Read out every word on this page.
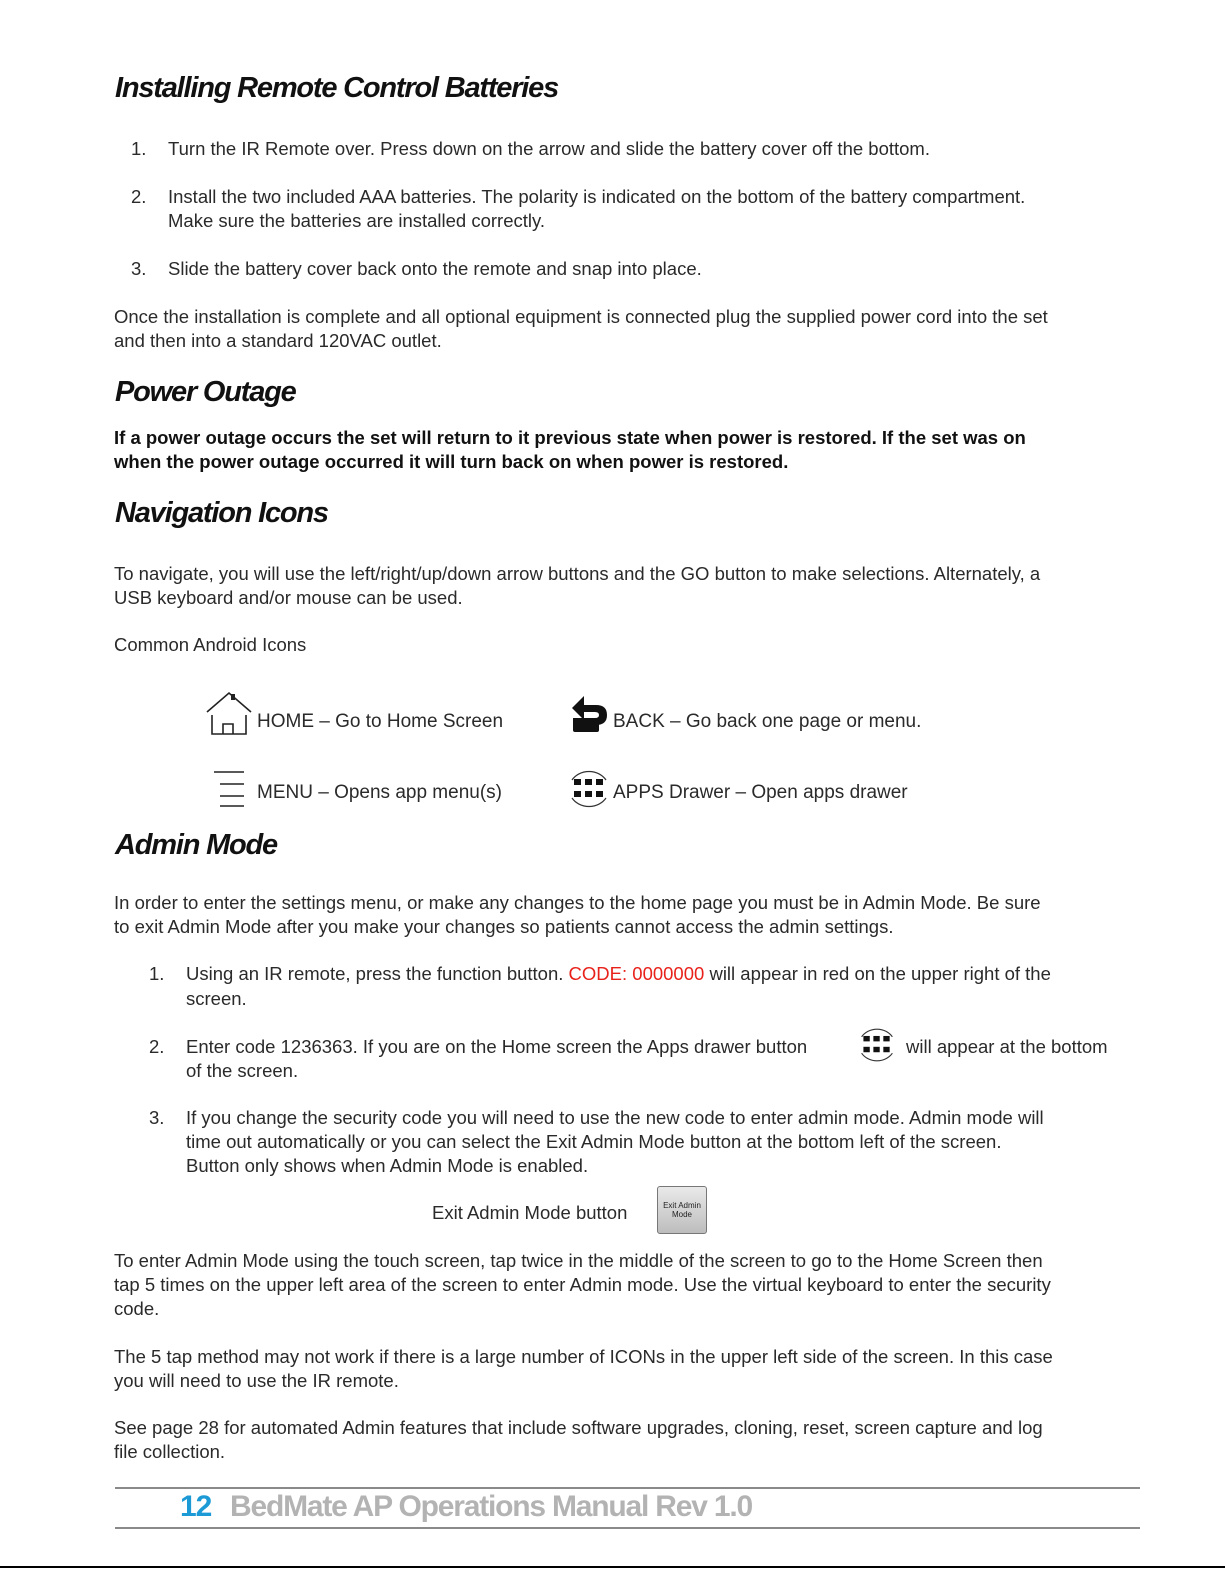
Installing Remote Control Batteries
1. Turn the IR Remote over. Press down on the arrow and slide the battery cover off the bottom.

2. Install the two included AAA batteries. The polarity is indicated on the bottom of the battery compartment.

Make sure the batteries are installed correctly.

3. Slide the battery cover back onto the remote and snap into place.

Once the installation is complete and all optional equipment is connected plug the supplied power cord into the set

and then into a standard 120VAC outlet.

Power Outage

If a power outage occurs the set will return to it previous state when power is restored. If the set was on

when the power outage occurred it will turn back on when power is restored.

Navigation Icons

To navigate, you will use the left/right/up/down arrow buttons and the GO button to make selections. Alternately, a

USB keyboard and/or mouse can be used.

Common Android Icons

HOME – Go to Home Screen	BACK – Go back one page or menu.
MENU – Opens app menu(s)	APPS Drawer – Open apps drawer
Admin Mode

In order to enter the settings menu, or make any changes to the home page you must be in Admin Mode. Be sure

to exit Admin Mode after you make your changes so patients cannot access the admin settings.

1. Using an IR remote, press the function button. CODE: 0000000 will appear in red on the upper right of the

screen.

2. Enter code 1236363. If you are on the Home screen the Apps drawer button	will appear at the bottom

of the screen.

3. If you change the security code you will need to use the new code to enter admin mode. Admin mode will

time out automatically or you can select the Exit Admin Mode button at the bottom left of the screen.

Button only shows when Admin Mode is enabled.

Exit Admin Mode button	Exit Admin
Mode

To enter Admin Mode using the touch screen, tap twice in the middle of the screen to go to the Home Screen then

tap 5 times on the upper left area of the screen to enter Admin mode. Use the virtual keyboard to enter the security

code.

The 5 tap method may not work if there is a large number of ICONs in the upper left side of the screen. In this case

you will need to use the IR remote.

See page 28 for automated Admin features that include software upgrades, cloning, reset, screen capture and log

file collection.

12 BedMate AP Operations Manual Rev 1.0
